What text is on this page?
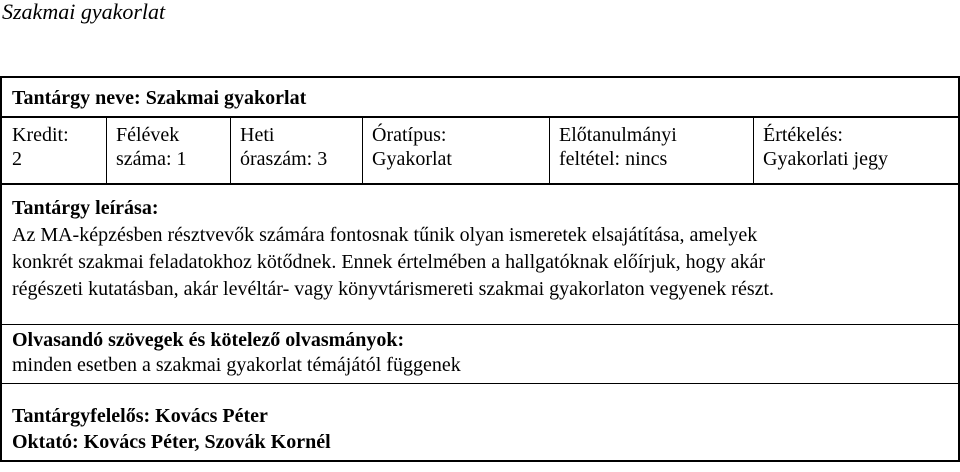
Szakmai gyakorlat
Tantárgy neve: Szakmai gyakorlat
Kredit:
2
Félévek
száma: 1
Heti
óraszám: 3
Óratípus:
Gyakorlat
Előtanulmányi
feltétel: nincs
Értékelés:
Gyakorlati jegy
Tantárgy leírása:
Az MA-képzésben résztvevők számára fontosnak tűnik olyan ismeretek elsajátítása, amelyek
konkrét szakmai feladatokhoz kötődnek. Ennek értelmében a hallgatóknak előírjuk, hogy akár
régészeti kutatásban, akár levéltár- vagy könyvtárismereti szakmai gyakorlaton vegyenek részt.
Olvasandó szövegek és kötelező olvasmányok:
minden esetben a szakmai gyakorlat témájától függenek
Tantárgyfelelős: Kovács Péter
Oktató: Kovács Péter, Szovák Kornél
